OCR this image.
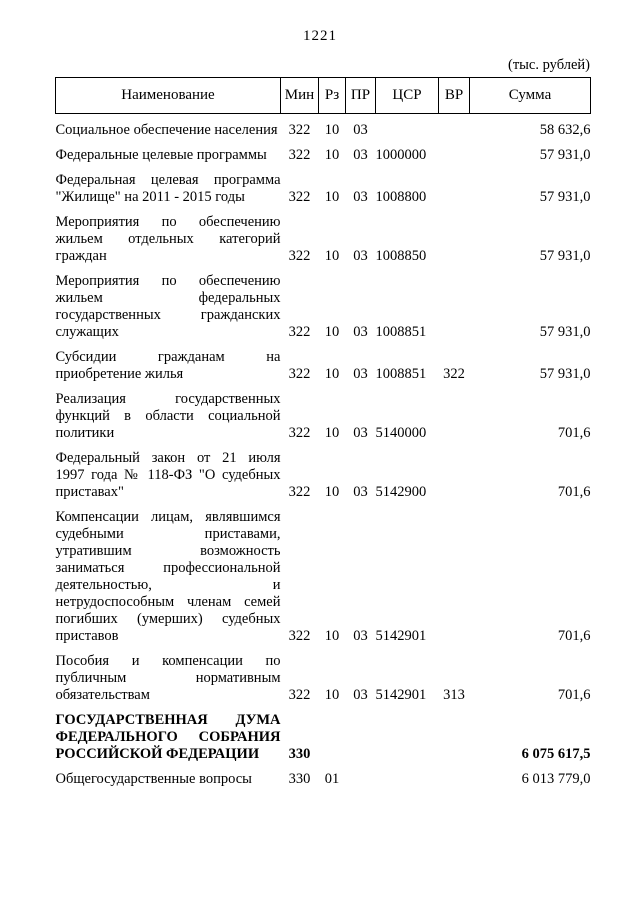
1221
(тыс. рублей)
Наименование	Мин	Рз	ПР	ЦСР	ВР	Сумма
Социальное обеспечение населения	322	10	03			58 632,6
Федеральные целевые программы	322	10	03	1000000		57 931,0
Федеральная целевая программа "Жилище" на 2011 - 2015 годы	322	10	03	1008800		57 931,0
Мероприятия по обеспечению жильем отдельных категорий граждан	322	10	03	1008850		57 931,0
Мероприятия по обеспечению жильем федеральных государственных гражданских служащих	322	10	03	1008851		57 931,0
Субсидии гражданам на приобретение жилья	322	10	03	1008851	322	57 931,0
Реализация государственных функций в области социальной политики	322	10	03	5140000		701,6
Федеральный закон от 21 июля 1997 года № 118-ФЗ "О судебных приставах"	322	10	03	5142900		701,6
Компенсации лицам, являвшимся судебными приставами, утратившим возможность заниматься профессиональной деятельностью, и нетрудоспособным членам семей погибших (умерших) судебных приставов	322	10	03	5142901		701,6
Пособия и компенсации по публичным нормативным обязательствам	322	10	03	5142901	313	701,6
ГОСУДАРСТВЕННАЯ ДУМА ФЕДЕРАЛЬНОГО СОБРАНИЯ РОССИЙСКОЙ ФЕДЕРАЦИИ	330					6 075 617,5
Общегосударственные вопросы	330	01				6 013 779,0
